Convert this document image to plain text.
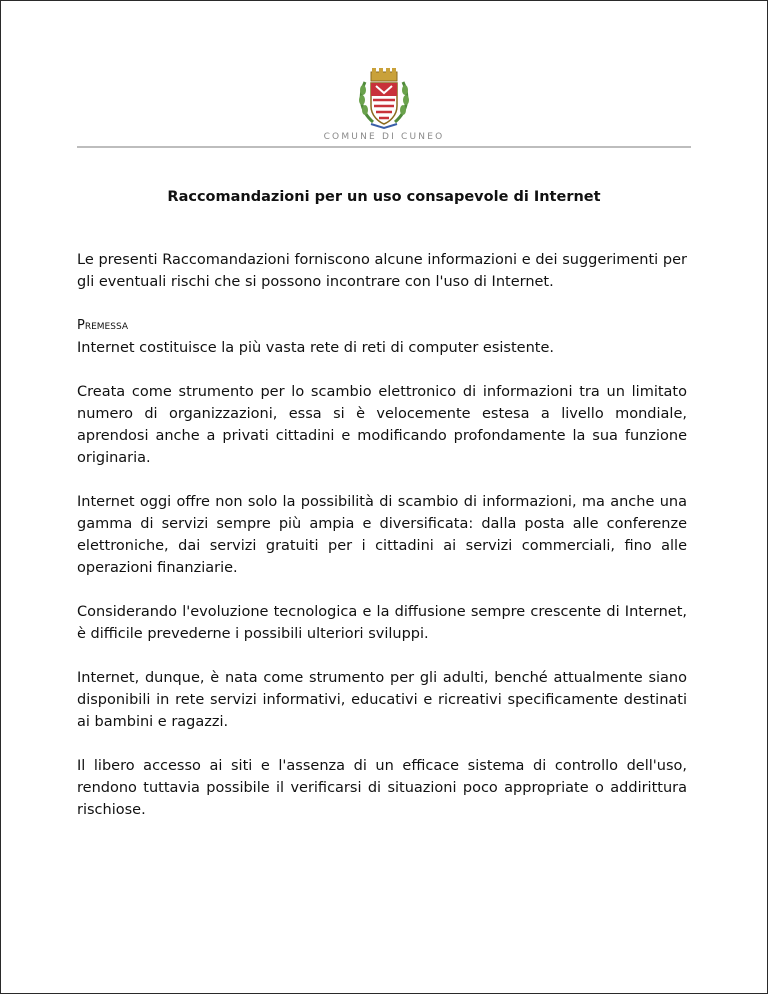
COMUNE DI CUNEO
Raccomandazioni per un uso consapevole di Internet

Le presenti Raccomandazioni forniscono alcune informazioni e dei suggerimenti per gli eventuali rischi che si possono incontrare con l'uso di Internet.

Premessa

Internet costituisce la più vasta rete di reti di computer esistente.

Creata come strumento per lo scambio elettronico di informazioni tra un limitato numero di organizzazioni, essa si è velocemente estesa a livello mondiale, aprendosi anche a privati cittadini e modificando profondamente la sua funzione originaria.

Internet oggi offre non solo la possibilità di scambio di informazioni, ma anche una gamma di servizi sempre più ampia e diversificata: dalla posta alle conferenze elettroniche, dai servizi gratuiti per i cittadini ai servizi commerciali, fino alle operazioni finanziarie.

Considerando l'evoluzione tecnologica e la diffusione sempre crescente di Internet, è difficile prevederne i possibili ulteriori sviluppi.

Internet, dunque, è nata come strumento per gli adulti, benché attualmente siano disponibili in rete servizi informativi, educativi e ricreativi specificamente destinati ai bambini e ragazzi.

Il libero accesso ai siti e l'assenza di un efficace sistema di controllo dell'uso, rendono tuttavia possibile il verificarsi di situazioni poco appropriate o addirittura rischiose.
